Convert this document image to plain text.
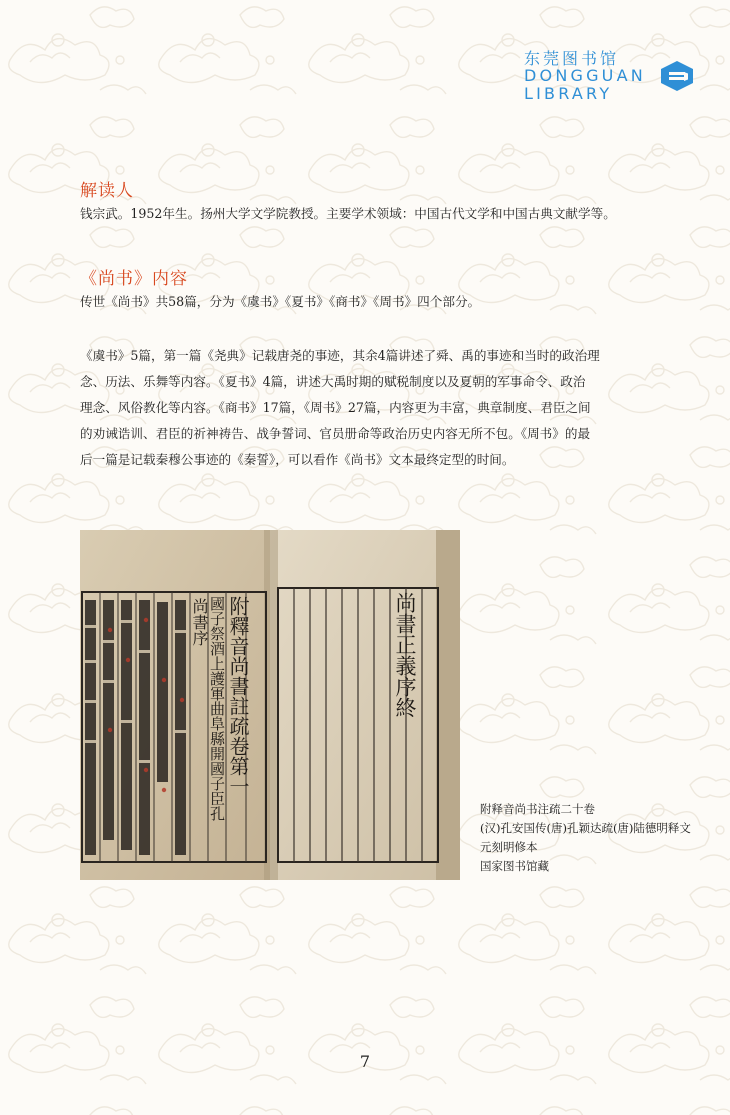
东莞图书馆
DONGGUAN
LIBRARY
解读人

钱宗武。1952年生。扬州大学文学院教授。主要学术领域：中国古代文学和中国古典文献学等。

《尚书》内容

传世《尚书》共58篇，分为《虞书》《夏书》《商书》《周书》四个部分。

《虞书》5篇，第一篇《尧典》记载唐尧的事迹，其余4篇讲述了舜、禹的事迹和当时的政治理
念、历法、乐舞等内容。《夏书》4篇，讲述大禹时期的赋税制度以及夏朝的军事命令、政治
理念、风俗教化等内容。《商书》17篇，《周书》27篇，内容更为丰富，典章制度、君臣之间
的劝诫诰训、君臣的祈神祷告、战争誓词、官员册命等政治历史内容无所不包。《周书》的最
后一篇是记载秦穆公事迹的《秦誓》，可以看作《尚书》文本最终定型的时间。
尚書正義序終
附釋音尚書註疏卷第一
國子祭酒上護軍曲阜縣開國子臣孔
尚書序
附释音尚书注疏二十卷
(汉)孔安国传(唐)孔颖达疏(唐)陆德明释文
元刻明修本
国家图书馆藏
7
